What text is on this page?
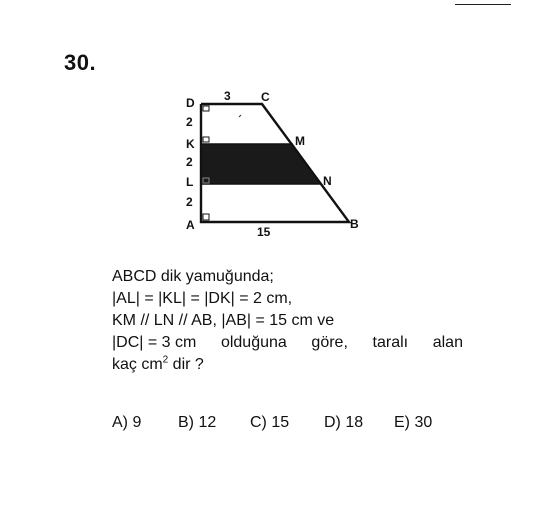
30.
D	C
3
2
K	M
2
L	N
2
A	B
15

ABCD dik yamuğunda;

|AL| = |KL| = |DK| = 2 cm,

KM // LN // AB, |AB| = 15 cm ve

|DC| = 3 cm olduğuna göre, taralı alan

kaç $cm^2$ dir ?

A) 9	B) 12	C) 15	D) 18	E) 30
